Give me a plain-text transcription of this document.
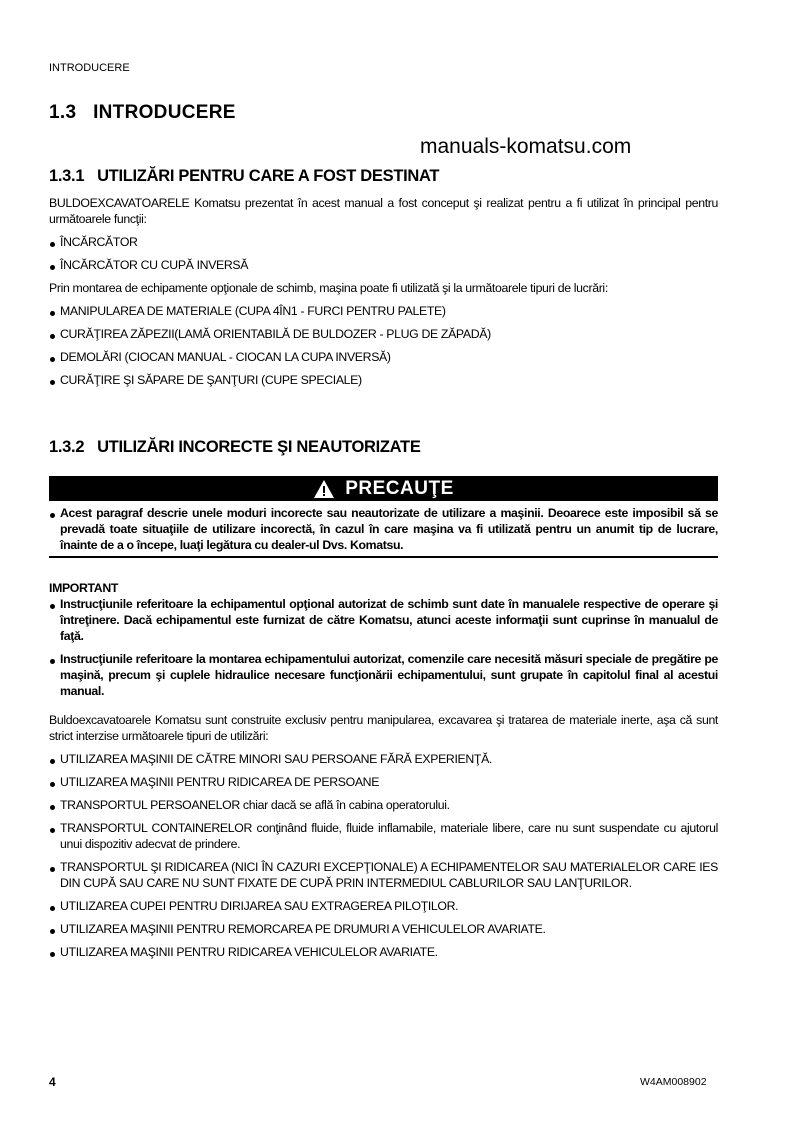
INTRODUCERE
1.3 INTRODUCERE
manuals-komatsu.com
1.3.1 UTILIZĂRI PENTRU CARE A FOST DESTINAT

BULDOEXCAVATOARELE Komatsu prezentat în acest manual a fost conceput şi realizat pentru a fi utilizat în principal pentru următoarele funcţii:

ÎNCĂRCĂTOR
ÎNCĂRCĂTOR CU CUPĂ INVERSĂ

Prin montarea de echipamente opţionale de schimb, maşina poate fi utilizată şi la următoarele tipuri de lucrări:

MANIPULAREA DE MATERIALE (CUPA 4ÎN1 - FURCI PENTRU PALETE)
CURĂŢIREA ZĂPEZII(LAMĂ ORIENTABILĂ DE BULDOZER - PLUG DE ZĂPADĂ)
DEMOLĂRI (CIOCAN MANUAL - CIOCAN LA CUPA INVERSĂ)
CURĂŢIRE ŞI SĂPARE DE ŞANŢURI (CUPE SPECIALE)
1.3.2 UTILIZĂRI INCORECTE ŞI NEAUTORIZATE
PRECAUŢE
Acest paragraf descrie unele moduri incorecte sau neautorizate de utilizare a maşinii. Deoarece este imposibil să se prevadă toate situaţiile de utilizare incorectă, în cazul în care maşina va fi utilizată pentru un anumit tip de lucrare, înainte de a o începe, luaţi legătura cu dealer-ul Dvs. Komatsu.
IMPORTANT
Instrucţiunile referitoare la echipamentul opţional autorizat de schimb sunt date în manualele respective de operare şi întreţinere. Dacă echipamentul este furnizat de către Komatsu, atunci aceste informaţii sunt cuprinse în manualul de faţă.
Instrucţiunile referitoare la montarea echipamentului autorizat, comenzile care necesită măsuri speciale de pregătire pe maşină, precum şi cuplele hidraulice necesare funcţionării echipamentului, sunt grupate în capitolul final al acestui manual.

Buldoexcavatoarele Komatsu sunt construite exclusiv pentru manipularea, excavarea şi tratarea de materiale inerte, aşa că sunt strict interzise următoarele tipuri de utilizări:

UTILIZAREA MAŞINII DE CĂTRE MINORI SAU PERSOANE FĂRĂ EXPERIENŢĂ.
UTILIZAREA MAŞINII PENTRU RIDICAREA DE PERSOANE
TRANSPORTUL PERSOANELOR chiar dacă se află în cabina operatorului.
TRANSPORTUL CONTAINERELOR conţinând fluide, fluide inflamabile, materiale libere, care nu sunt suspendate cu ajutorul unui dispozitiv adecvat de prindere.
TRANSPORTUL ŞI RIDICAREA (NICI ÎN CAZURI EXCEPŢIONALE) A ECHIPAMENTELOR SAU MATERIALELOR CARE IES DIN CUPĂ SAU CARE NU SUNT FIXATE DE CUPĂ PRIN INTERMEDIUL CABLURILOR SAU LANŢURILOR.
UTILIZAREA CUPEI PENTRU DIRIJAREA SAU EXTRAGEREA PILOŢILOR.
UTILIZAREA MAŞINII PENTRU REMORCAREA PE DRUMURI A VEHICULELOR AVARIATE.
UTILIZAREA MAŞINII PENTRU RIDICAREA VEHICULELOR AVARIATE.
4	W4AM008902
